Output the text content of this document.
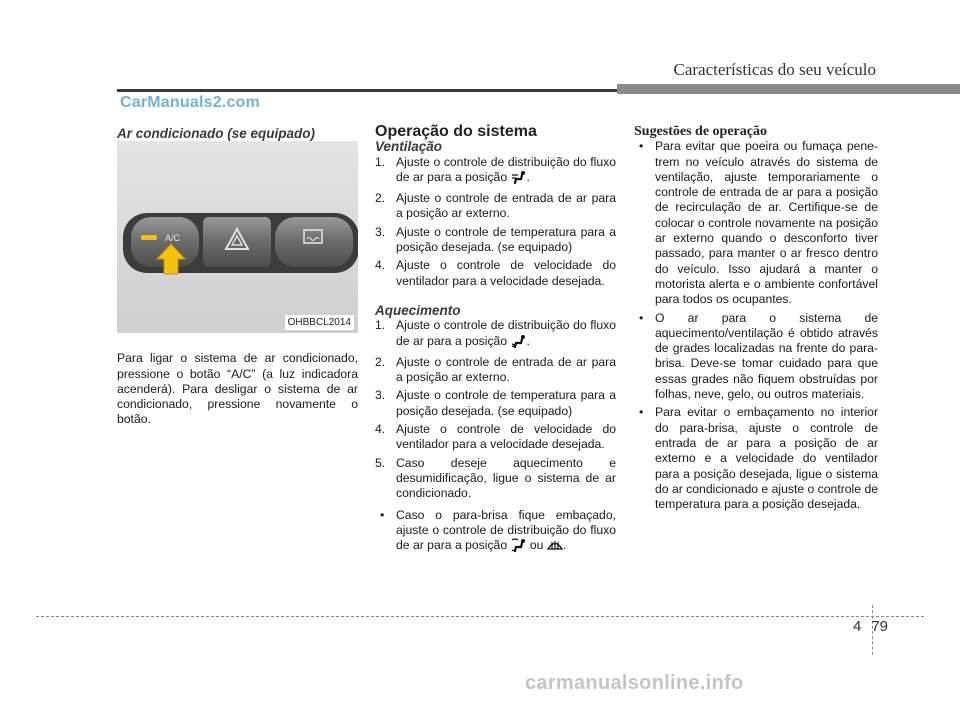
Características do seu veículo
CarManuals2.com

Ar condicionado (se equipado)

A/C
OHBBCL2014

Para ligar o sistema de ar condicionado, pressione o botão “A/C” (a luz indicadora acenderá). Para desligar o sistema de ar condicionado, pressione novamente o botão.

Operação do sistema

Ventilação

1. Ajuste o controle de distribuição do fluxo de ar para a posição .
2. Ajuste o controle de entrada de ar para a posição ar externo.
3. Ajuste o controle de temperatura para a posição desejada. (se equipado)
4. Ajuste o controle de velocidade do ventilador para a velocidade desejada.

Aquecimento

1. Ajuste o controle de distribuição do fluxo de ar para a posição .
2. Ajuste o controle de entrada de ar para a posição ar externo.
3. Ajuste o controle de temperatura para a posição desejada. (se equipado)
4. Ajuste o controle de velocidade do ventilador para a velocidade desejada.
5. Caso deseje aquecimento e desumidificação, ligue o sistema de ar condicionado.
• Caso o para-brisa fique embaçado, ajuste o controle de distribuição do fluxo de ar para a posição ou .

Sugestões de operação

• Para evitar que poeira ou fumaça penetrem no veículo através do sistema de ventilação, ajuste temporariamente o controle de entrada de ar para a posição de recirculação de ar. Certifique-se de colocar o controle novamente na posição ar externo quando o desconforto tiver passado, para manter o ar fresco dentro do veículo. Isso ajudará a manter o motorista alerta e o ambiente confortável para todos os ocupantes.
• O ar para o sistema de aquecimento/ventilação é obtido através de grades localizadas na frente do para-brisa. Deve-se tomar cuidado para que essas grades não fiquem obstruídas por folhas, neve, gelo, ou outros materiais.
• Para evitar o embaçamento no interior do para-brisa, ajuste o controle de entrada de ar para a posição de ar externo e a velocidade do ventilador para a posição desejada, ligue o sistema do ar condicionado e ajuste o controle de temperatura para a posição desejada.
4 79
carmanualsonline.info
